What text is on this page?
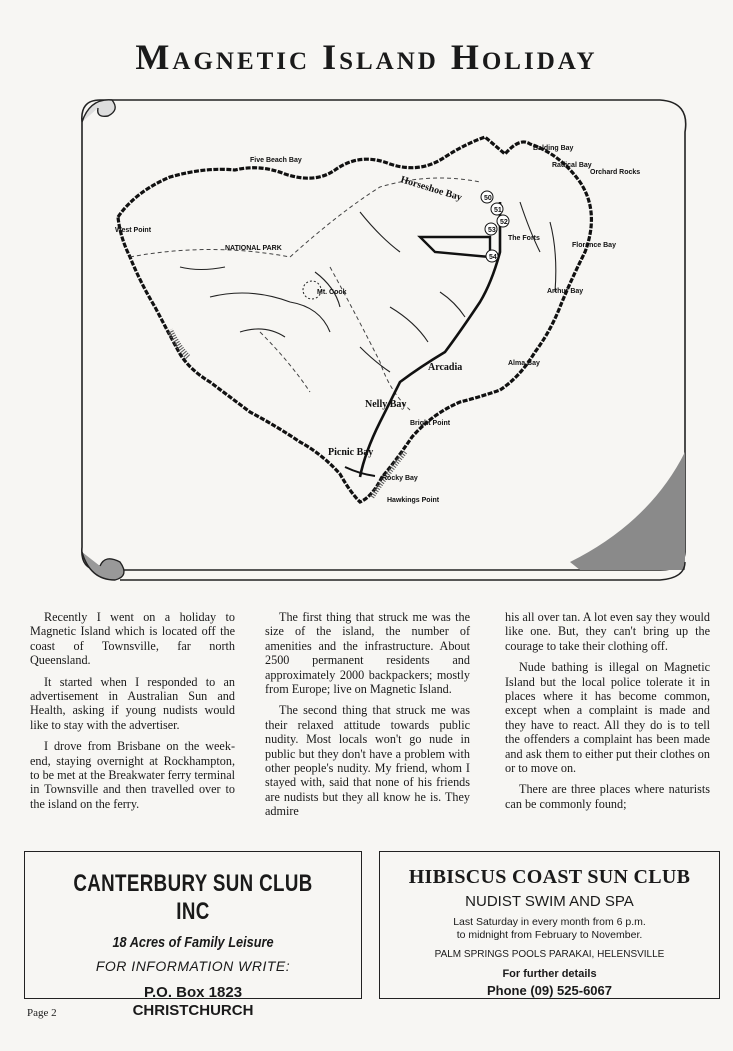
Magnetic Island Holiday
50
51
52
53
54
Five Beach Bay
Horseshoe Bay
Balding Bay
Radical Bay
Orchard Rocks
West Point
NATIONAL PARK
Mt. Cook
The Forts
Florence Bay
Arthur Bay
Arcadia	Alma Bay
Nelly Bay
Bright Point
Picnic Bay
Rocky Bay
Hawkings Point

Recently I went on a holiday to Magnetic Island which is located off the coast of Townsville, far north Queensland.

It started when I responded to an advertisement in Australian Sun and Health, asking if young nudists would like to stay with the advertiser.

I drove from Brisbane on the week-end, staying overnight at Rockhampton, to be met at the Breakwater ferry terminal in Townsville and then travelled over to the island on the ferry.

The first thing that struck me was the size of the island, the number of amenities and the infrastructure. About 2500 permanent residents and approximately 2000 backpackers; mostly from Europe; live on Magnetic Island.

The second thing that struck me was their relaxed attitude towards public nudity. Most locals won't go nude in public but they don't have a problem with other people's nudity. My friend, whom I stayed with, said that none of his friends are nudists but they all know he is. They admire

his all over tan. A lot even say they would like one. But, they can't bring up the courage to take their clothing off.

Nude bathing is illegal on Magnetic Island but the local police tolerate it in places where it has become common, except when a complaint is made and they have to react. All they do is to tell the offenders a complaint has been made and ask them to either put their clothes on or to move on.

There are three places where naturists can be commonly found;

CANTERBURY SUN CLUB INC
18 Acres of Family Leisure
FOR INFORMATION WRITE:
P.O. Box 1823
CHRISTCHURCH
HIBISCUS COAST SUN CLUB
NUDIST SWIM AND SPA
Last Saturday in every month from 6 p.m.
to midnight from February to November.
PALM SPRINGS POOLS PARAKAI, HELENSVILLE
For further details
Phone (09) 525-6067
Page 2
